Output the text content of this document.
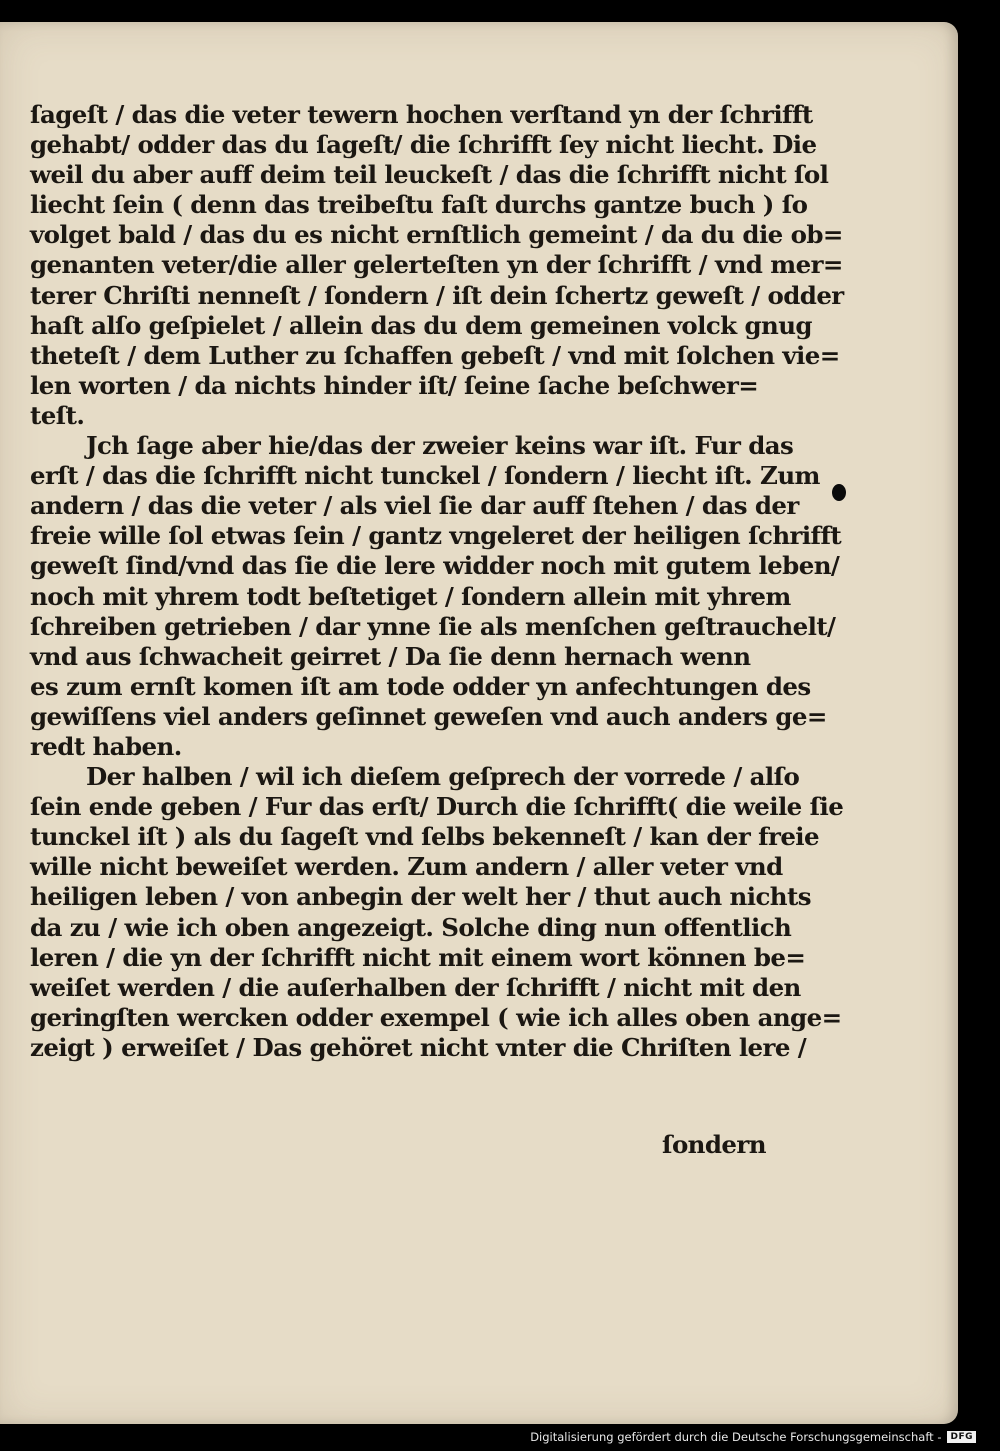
ſageſt / das die veter tewern hochen verſtand yn der ſchrifft
gehabt/ odder das du ſageſt/ die ſchrifft ſey nicht liecht. Die
weil du aber auff deim teil leuckeſt / das die ſchrifft nicht ſol
liecht ſein ( denn das treibeſtu faſt durchs gantze buch ) ſo
volget bald / das du es nicht ernſtlich gemeint / da du die ob=
genanten veter/die aller gelerteſten yn der ſchrifft / vnd mer=
terer Chriſti nenneſt / ſondern / iſt dein ſchertz geweſt / odder
haſt alſo geſpielet / allein das du dem gemeinen volck gnug
theteſt / dem Luther zu ſchaffen gebeſt / vnd mit ſolchen vie=
len worten / da nichts hinder iſt/ ſeine ſache beſchwer=
teſt.
Jch ſage aber hie/das der zweier keins war iſt. Fur das
erſt / das die ſchrifft nicht tunckel / ſondern / liecht iſt. Zum
andern / das die veter / als viel ſie dar auff ſtehen / das der
freie wille ſol etwas ſein / gantz vngeleret der heiligen ſchrifft
geweſt ſind/vnd das ſie die lere widder noch mit gutem leben/
noch mit yhrem todt beſtetiget / ſondern allein mit yhrem
ſchreiben getrieben / dar ynne ſie als menſchen geſtrauchelt/
vnd aus ſchwacheit geirret / Da ſie denn hernach wenn
es zum ernſt komen iſt am tode odder yn anfechtungen des
gewiſſens viel anders geſinnet geweſen vnd auch anders ge=
redt haben.
Der halben / wil ich dieſem geſprech der vorrede / alſo
ſein ende geben / Fur das erſt/ Durch die ſchrifft( die weile ſie
tunckel iſt ) als du ſageſt vnd ſelbs bekenneſt / kan der freie
wille nicht beweiſet werden. Zum andern / aller veter vnd
heiligen leben / von anbegin der welt her / thut auch nichts
da zu / wie ich oben angezeigt. Solche ding nun offentlich
leren / die yn der ſchrifft nicht mit einem wort können be=
weiſet werden / die auſerhalben der ſchrifft / nicht mit den
geringſten wercken odder exempel ( wie ich alles oben ange=
zeigt ) erweiſet / Das gehöret nicht vnter die Chriſten lere /
ſondern
Digitalisierung gefördert durch die Deutsche Forschungsgemeinschaft -	DFG
